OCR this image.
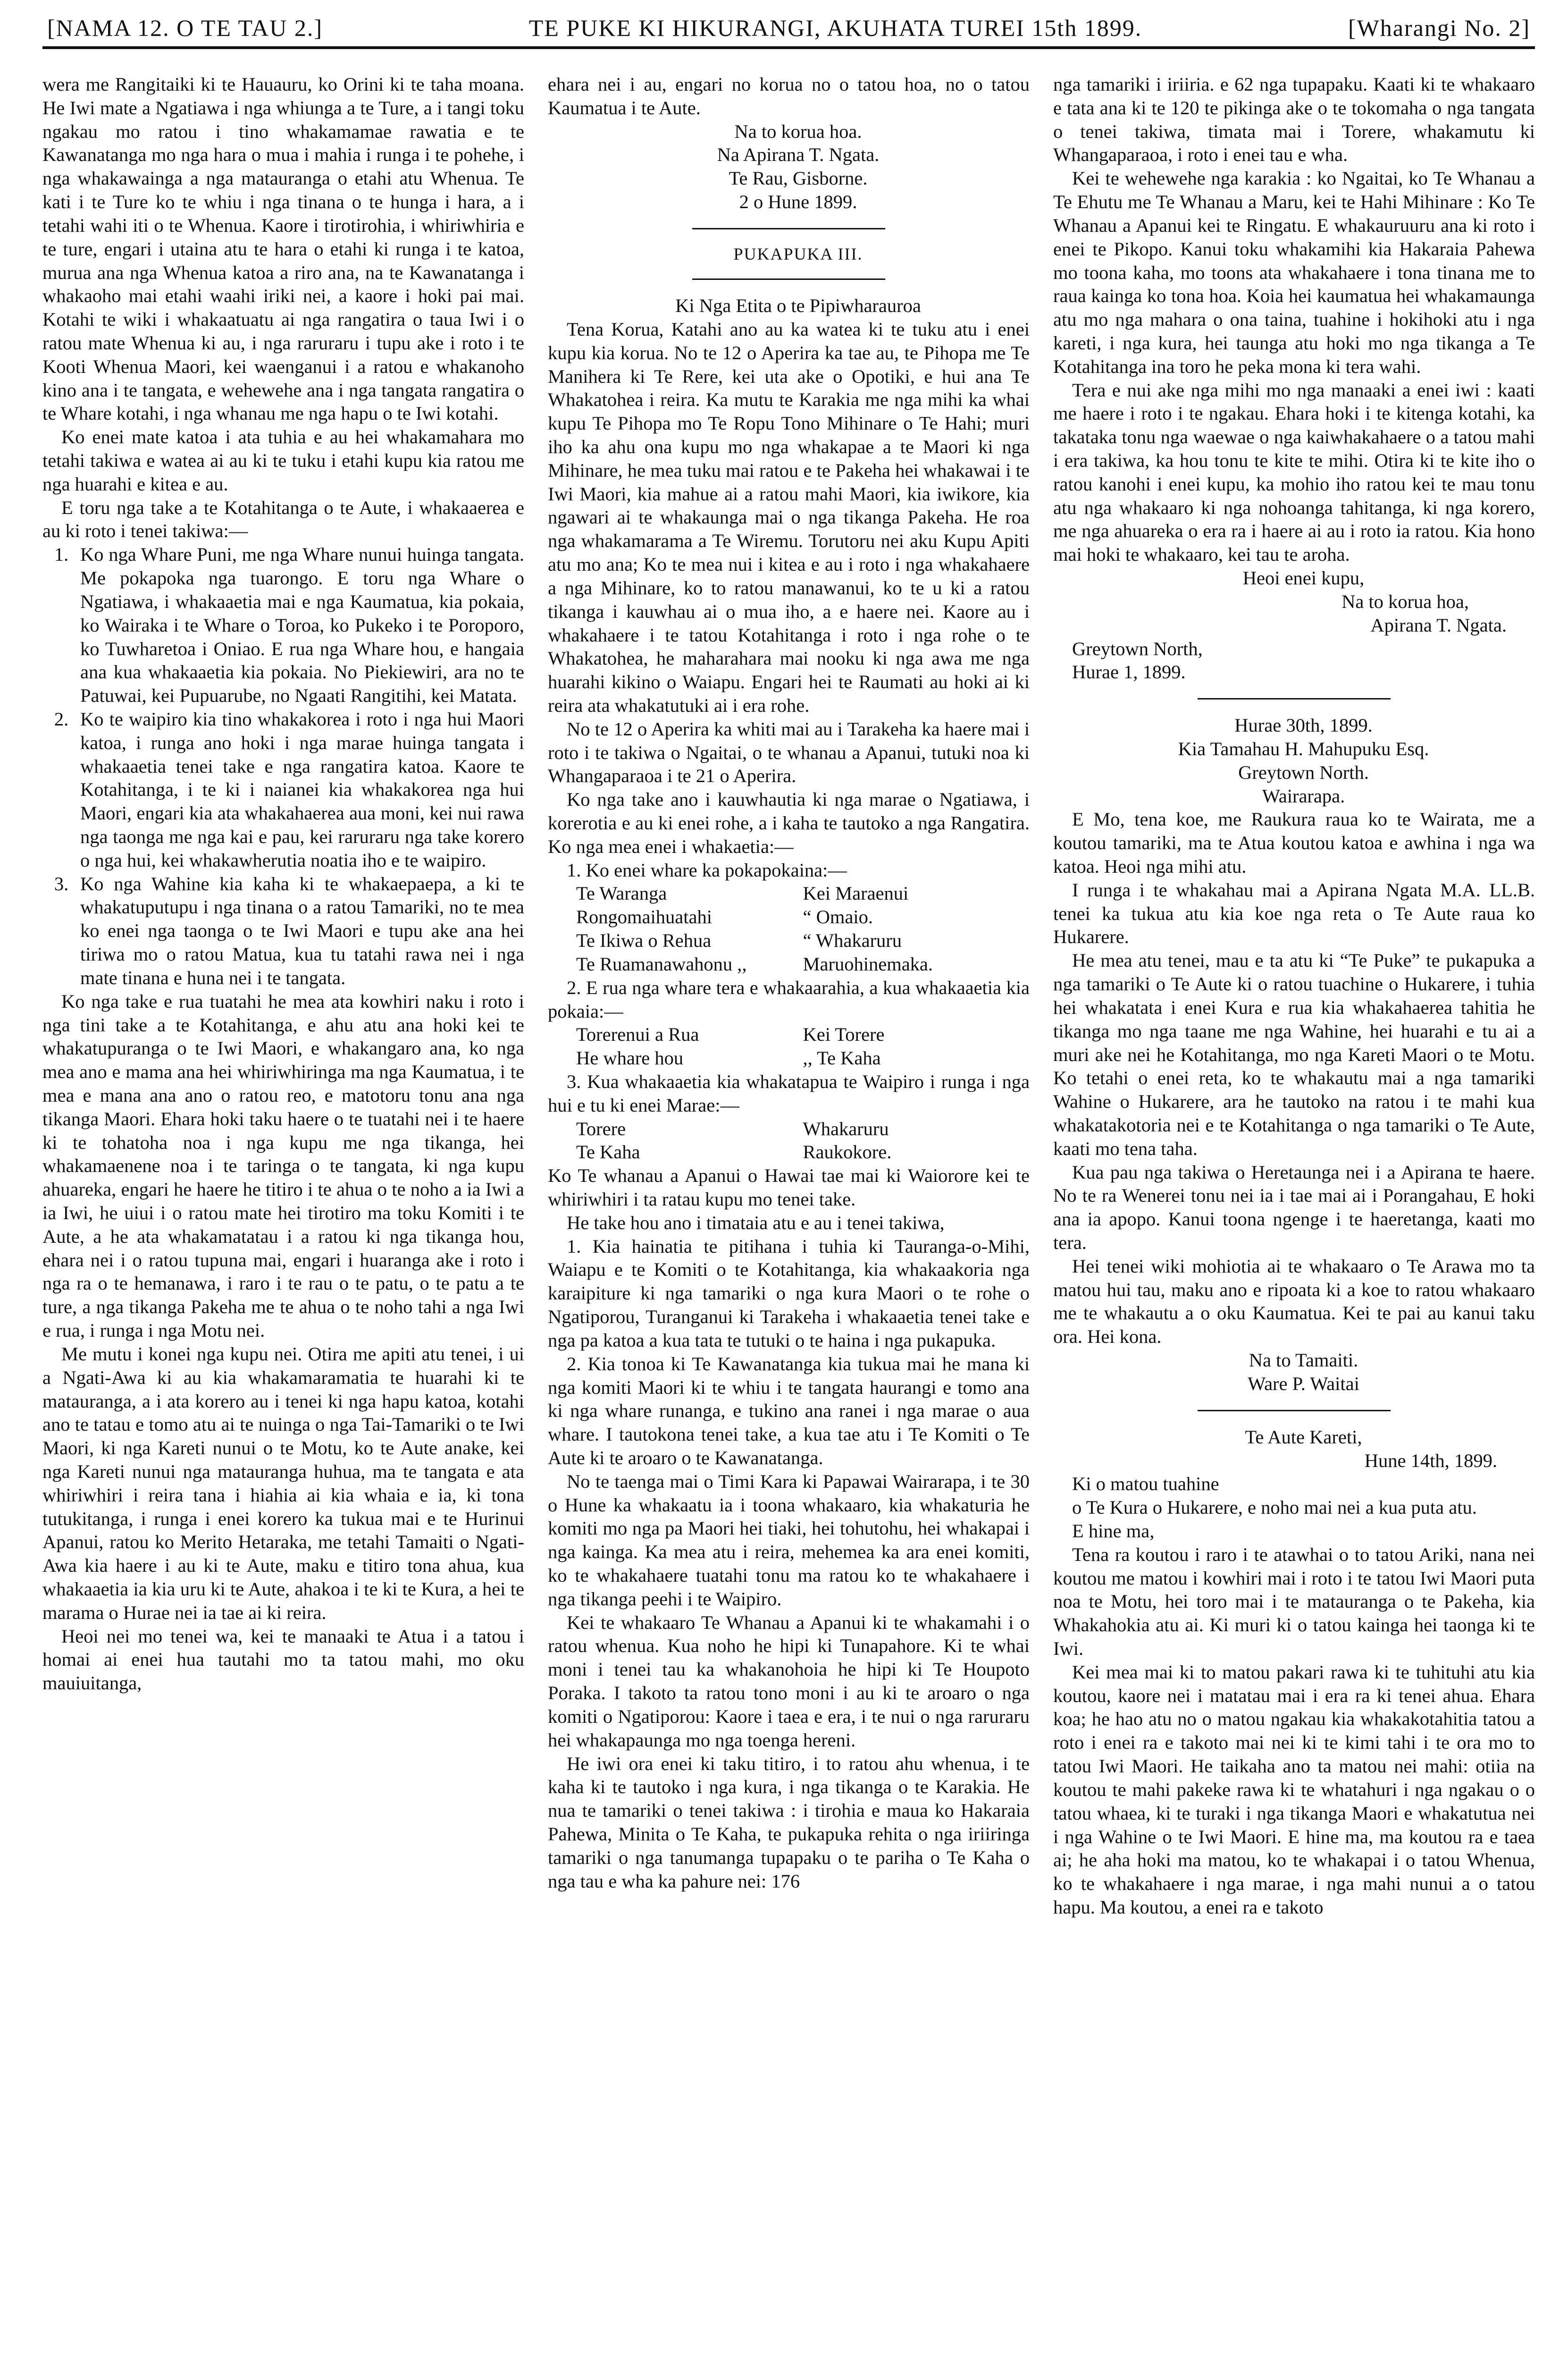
[NAMA 12. O TE TAU 2.]	TE PUKE KI HIKURANGI, AKUHATA TUREI 15th 1899.	[Wharangi No. 2]

wera me Rangitaiki ki te Hauauru, ko Orini ki te taha moana. He Iwi mate a Ngatiawa i nga whiunga a te Ture, a i tangi toku ngakau mo ratou i tino whakamamae rawatia e te Kawanatanga mo nga hara o mua i mahia i runga i te pohehe, i nga whakawainga a nga matauranga o etahi atu Whenua. Te kati i te Ture ko te whiu i nga tinana o te hunga i hara, a i tetahi wahi iti o te Whenua. Kaore i tirotirohia, i whiriwhiria e te ture, engari i utaina atu te hara o etahi ki runga i te katoa, murua ana nga Whenua katoa a riro ana, na te Kawanatanga i whakaoho mai etahi waahi iriki nei, a kaore i hoki pai mai. Kotahi te wiki i whakaatuatu ai nga rangatira o taua Iwi i o ratou mate Whenua ki au, i nga raruraru i tupu ake i roto i te Kooti Whenua Maori, kei waenganui i a ratou e whakanoho kino ana i te tangata, e wehewehe ana i nga tangata rangatira o te Whare kotahi, i nga whanau me nga hapu o te Iwi kotahi.

Ko enei mate katoa i ata tuhia e au hei whakamahara mo tetahi takiwa e watea ai au ki te tuku i etahi kupu kia ratou me nga huarahi e kitea e au.

E toru nga take a te Kotahitanga o te Aute, i whakaaerea e au ki roto i tenei takiwa:—

1. Ko nga Whare Puni, me nga Whare nunui huinga tangata. Me pokapoka nga tuarongo. E toru nga Whare o Ngatiawa, i whakaaetia mai e nga Kaumatua, kia pokaia, ko Wairaka i te Whare o Toroa, ko Pukeko i te Poroporo, ko Tuwharetoa i Oniao. E rua nga Whare hou, e hangaia ana kua whakaaetia kia pokaia. No Piekiewiri, ara no te Patuwai, kei Pupuarube, no Ngaati Rangitihi, kei Matata.
2. Ko te waipiro kia tino whakakorea i roto i nga hui Maori katoa, i runga ano hoki i nga marae huinga tangata i whakaaetia tenei take e nga rangatira katoa. Kaore te Kotahitanga, i te ki i naianei kia whakakorea nga hui Maori, engari kia ata whakahaerea aua moni, kei nui rawa nga taonga me nga kai e pau, kei raruraru nga take korero o nga hui, kei whakawherutia noatia iho e te waipiro.
3. Ko nga Wahine kia kaha ki te whakaepaepa, a ki te whakatuputupu i nga tinana o a ratou Tamariki, no te mea ko enei nga taonga o te Iwi Maori e tupu ake ana hei tiriwa mo o ratou Matua, kua tu tatahi rawa nei i nga mate tinana e huna nei i te tangata.

Ko nga take e rua tuatahi he mea ata kowhiri naku i roto i nga tini take a te Kotahitanga, e ahu atu ana hoki kei te whakatupuranga o te Iwi Maori, e whakangaro ana, ko nga mea ano e mama ana hei whiriwhiringa ma nga Kaumatua, i te mea e mana ana ano o ratou reo, e matotoru tonu ana nga tikanga Maori. Ehara hoki taku haere o te tuatahi nei i te haere ki te tohatoha noa i nga kupu me nga tikanga, hei whakamaenene noa i te taringa o te tangata, ki nga kupu ahuareka, engari he haere he titiro i te ahua o te noho a ia Iwi a ia Iwi, he uiui i o ratou mate hei tirotiro ma toku Komiti i te Aute, a he ata whakamatatau i a ratou ki nga tikanga hou, ehara nei i o ratou tupuna mai, engari i huaranga ake i roto i nga ra o te hemanawa, i raro i te rau o te patu, o te patu a te ture, a nga tikanga Pakeha me te ahua o te noho tahi a nga Iwi e rua, i runga i nga Motu nei.

Me mutu i konei nga kupu nei. Otira me apiti atu tenei, i ui a Ngati-Awa ki au kia whakamaramatia te huarahi ki te matauranga, a i ata korero au i tenei ki nga hapu katoa, kotahi ano te tatau e tomo atu ai te nuinga o nga Tai-Tamariki o te Iwi Maori, ki nga Kareti nunui o te Motu, ko te Aute anake, kei nga Kareti nunui nga matauranga huhua, ma te tangata e ata whiriwhiri i reira tana i hiahia ai kia whaia e ia, ki tona tutukitanga, i runga i enei korero ka tukua mai e te Hurinui Apanui, ratou ko Merito Hetaraka, me tetahi Tamaiti o Ngati-Awa kia haere i au ki te Aute, maku e titiro tona ahua, kua whakaaetia ia kia uru ki te Aute, ahakoa i te ki te Kura, a hei te marama o Hurae nei ia tae ai ki reira.

Heoi nei mo tenei wa, kei te manaaki te Atua i a tatou i homai ai enei hua tautahi mo ta tatou mahi, mo oku mauiuitanga,

ehara nei i au, engari no korua no o tatou hoa, no o tatou Kaumatua i te Aute.

Na to korua hoa.

Na Apirana T. Ngata.

Te Rau, Gisborne.

2 o Hune 1899.

PUKAPUKA III.

Ki Nga Etita o te Pipiwharauroa

Tena Korua, Katahi ano au ka watea ki te tuku atu i enei kupu kia korua. No te 12 o Aperira ka tae au, te Pihopa me Te Manihera ki Te Rere, kei uta ake o Opotiki, e hui ana Te Whakatohea i reira. Ka mutu te Karakia me nga mihi ka whai kupu Te Pihopa mo Te Ropu Tono Mihinare o Te Hahi; muri iho ka ahu ona kupu mo nga whakapae a te Maori ki nga Mihinare, he mea tuku mai ratou e te Pakeha hei whakawai i te Iwi Maori, kia mahue ai a ratou mahi Maori, kia iwikore, kia ngawari ai te whakaunga mai o nga tikanga Pakeha. He roa nga whakamarama a Te Wiremu. Torutoru nei aku Kupu Apiti atu mo ana; Ko te mea nui i kitea e au i roto i nga whakahaere a nga Mihinare, ko to ratou manawanui, ko te u ki a ratou tikanga i kauwhau ai o mua iho, a e haere nei. Kaore au i whakahaere i te tatou Kotahitanga i roto i nga rohe o te Whakatohea, he maharahara mai nooku ki nga awa me nga huarahi kikino o Waiapu. Engari hei te Raumati au hoki ai ki reira ata whakatutuki ai i era rohe.

No te 12 o Aperira ka whiti mai au i Tarakeha ka haere mai i roto i te takiwa o Ngaitai, o te whanau a Apanui, tutuki noa ki Whangaparaoa i te 21 o Aperira.

Ko nga take ano i kauwhautia ki nga marae o Ngatiawa, i korerotia e au ki enei rohe, a i kaha te tautoko a nga Rangatira. Ko nga mea enei i whakaetia:—

1. Ko enei whare ka pokapokaina:—

Te Waranga	Kei Maraenui
Rongomaihuatahi	“ Omaio.
Te Ikiwa o Rehua	“ Whakaruru
Te Ruamanawahonu ,,	Maruohinemaka.

2. E rua nga whare tera e whakaarahia, a kua whakaaetia kia pokaia:—

Torerenui a Rua	Kei Torere
He whare hou	,, Te Kaha

3. Kua whakaaetia kia whakatapua te Waipiro i runga i nga hui e tu ki enei Marae:—

Torere	Whakaruru
Te Kaha	Raukokore.

Ko Te whanau a Apanui o Hawai tae mai ki Waiorore kei te whiriwhiri i ta ratau kupu mo tenei take.

He take hou ano i timataia atu e au i tenei takiwa,

1. Kia hainatia te pitihana i tuhia ki Tauranga-o-Mihi, Waiapu e te Komiti o te Kotahitanga, kia whakaakoria nga karaipiture ki nga tamariki o nga kura Maori o te rohe o Ngatiporou, Turanganui ki Tarakeha i whakaaetia tenei take e nga pa katoa a kua tata te tutuki o te haina i nga pukapuka.

2. Kia tonoa ki Te Kawanatanga kia tukua mai he mana ki nga komiti Maori ki te whiu i te tangata haurangi e tomo ana ki nga whare runanga, e tukino ana ranei i nga marae o aua whare. I tautokona tenei take, a kua tae atu i Te Komiti o Te Aute ki te aroaro o te Kawanatanga.

No te taenga mai o Timi Kara ki Papawai Wairarapa, i te 30 o Hune ka whakaatu ia i toona whakaaro, kia whakaturia he komiti mo nga pa Maori hei tiaki, hei tohutohu, hei whakapai i nga kainga. Ka mea atu i reira, mehemea ka ara enei komiti, ko te whakahaere tuatahi tonu ma ratou ko te whakahaere i nga tikanga peehi i te Waipiro.

Kei te whakaaro Te Whanau a Apanui ki te whakamahi i o ratou whenua. Kua noho he hipi ki Tunapahore. Ki te whai moni i tenei tau ka whakanohoia he hipi ki Te Houpoto Poraka. I takoto ta ratou tono moni i au ki te aroaro o nga komiti o Ngatiporou: Kaore i taea e era, i te nui o nga raruraru hei whakapaunga mo nga toenga hereni.

He iwi ora enei ki taku titiro, i to ratou ahu whenua, i te kaha ki te tautoko i nga kura, i nga tikanga o te Karakia. He nua te tamariki o tenei takiwa : i tirohia e maua ko Hakaraia Pahewa, Minita o Te Kaha, te pukapuka rehita o nga iriiringa tamariki o nga tanumanga tupapaku o te pariha o Te Kaha o nga tau e wha ka pahure nei: 176

nga tamariki i iriiria. e 62 nga tupapaku. Kaati ki te whakaaro e tata ana ki te 120 te pikinga ake o te tokomaha o nga tangata o tenei takiwa, timata mai i Torere, whakamutu ki Whangaparaoa, i roto i enei tau e wha.

Kei te wehewehe nga karakia : ko Ngaitai, ko Te Whanau a Te Ehutu me Te Whanau a Maru, kei te Hahi Mihinare : Ko Te Whanau a Apanui kei te Ringatu. E whakauruuru ana ki roto i enei te Pikopo. Kanui toku whakamihi kia Hakaraia Pahewa mo toona kaha, mo toons ata whakahaere i tona tinana me to raua kainga ko tona hoa. Koia hei kaumatua hei whakamaunga atu mo nga mahara o ona taina, tuahine i hokihoki atu i nga kareti, i nga kura, hei taunga atu hoki mo nga tikanga a Te Kotahitanga ina toro he peka mona ki tera wahi.

Tera e nui ake nga mihi mo nga manaaki a enei iwi : kaati me haere i roto i te ngakau. Ehara hoki i te kitenga kotahi, ka takataka tonu nga waewae o nga kaiwhakahaere o a tatou mahi i era takiwa, ka hou tonu te kite te mihi. Otira ki te kite iho o ratou kanohi i enei kupu, ka mohio iho ratou kei te mau tonu atu nga whakaaro ki nga nohoanga tahitanga, ki nga korero, me nga ahuareka o era ra i haere ai au i roto ia ratou. Kia hono mai hoki te whakaaro, kei tau te aroha.

Heoi enei kupu,

Na to korua hoa,

Apirana T. Ngata.

Greytown North,

Hurae 1, 1899.

Hurae 30th, 1899.

Kia Tamahau H. Mahupuku Esq.

Greytown North.

Wairarapa.

E Mo, tena koe, me Raukura raua ko te Wairata, me a koutou tamariki, ma te Atua koutou katoa e awhina i nga wa katoa. Heoi nga mihi atu.

I runga i te whakahau mai a Apirana Ngata M.A. LL.B. tenei ka tukua atu kia koe nga reta o Te Aute raua ko Hukarere.

He mea atu tenei, mau e ta atu ki “Te Puke” te pukapuka a nga tamariki o Te Aute ki o ratou tuachine o Hukarere, i tuhia hei whakatata i enei Kura e rua kia whakahaerea tahitia he tikanga mo nga taane me nga Wahine, hei huarahi e tu ai a muri ake nei he Kotahitanga, mo nga Kareti Maori o te Motu. Ko tetahi o enei reta, ko te whakautu mai a nga tamariki Wahine o Hukarere, ara he tautoko na ratou i te mahi kua whakatakotoria nei e te Kotahitanga o nga tamariki o Te Aute, kaati mo tena taha.

Kua pau nga takiwa o Heretaunga nei i a Apirana te haere. No te ra Wenerei tonu nei ia i tae mai ai i Porangahau, E hoki ana ia apopo. Kanui toona ngenge i te haeretanga, kaati mo tera.

Hei tenei wiki mohiotia ai te whakaaro o Te Arawa mo ta matou hui tau, maku ano e ripoata ki a koe to ratou whakaaro me te whakautu a o oku Kaumatua. Kei te pai au kanui taku ora. Hei kona.

Na to Tamaiti.

Ware P. Waitai

Te Aute Kareti,

Hune 14th, 1899.

Ki o matou tuahine

o Te Kura o Hukarere, e noho mai nei a kua puta atu.

E hine ma,

Tena ra koutou i raro i te atawhai o to tatou Ariki, nana nei koutou me matou i kowhiri mai i roto i te tatou Iwi Maori puta noa te Motu, hei toro mai i te matauranga o te Pakeha, kia Whakahokia atu ai. Ki muri ki o tatou kainga hei taonga ki te Iwi.

Kei mea mai ki to matou pakari rawa ki te tuhituhi atu kia koutou, kaore nei i matatau mai i era ra ki tenei ahua. Ehara koa; he hao atu no o matou ngakau kia whakakotahitia tatou a roto i enei ra e takoto mai nei ki te kimi tahi i te ora mo to tatou Iwi Maori. He taikaha ano ta matou nei mahi: otiia na koutou te mahi pakeke rawa ki te whatahuri i nga ngakau o o tatou whaea, ki te turaki i nga tikanga Maori e whakatutua nei i nga Wahine o te Iwi Maori. E hine ma, ma koutou ra e taea ai; he aha hoki ma matou, ko te whakapai i o tatou Whenua, ko te whakahaere i nga marae, i nga mahi nunui a o tatou hapu. Ma koutou, a enei ra e takoto
